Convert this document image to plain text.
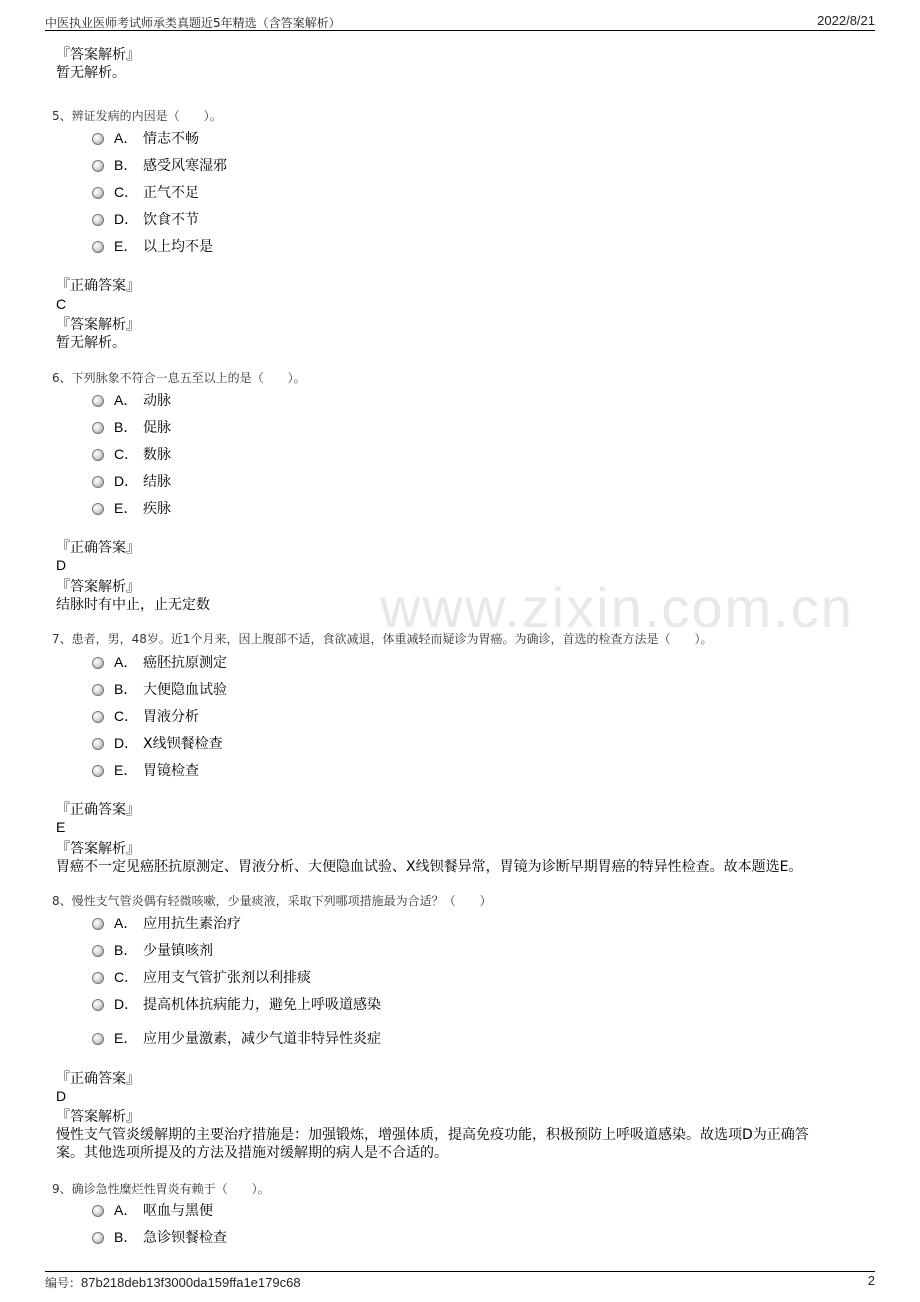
中医执业医师考试师承类真题近5年精选（含答案解析）	2022/8/21
www.zixin.com.cn
『答案解析』
暂无解析。
5、辨证发病的内因是（　　）。
A． 情志不畅
B． 感受风寒湿邪
C． 正气不足
D． 饮食不节
E． 以上均不是
『正确答案』
C
『答案解析』
暂无解析。
6、下列脉象不符合一息五至以上的是（　　）。
A． 动脉
B． 促脉
C． 数脉
D． 结脉
E． 疾脉
『正确答案』
D
『答案解析』
结脉时有中止，止无定数
7、患者，男，48岁。近1个月来，因上腹部不适，食欲减退，体重减轻而疑诊为胃癌。为确诊，首选的检查方法是（　　）。
A． 癌胚抗原测定
B． 大便隐血试验
C． 胃液分析
D． X线钡餐检查
E． 胃镜检查
『正确答案』
E
『答案解析』
胃癌不一定见癌胚抗原测定、胃液分析、大便隐血试验、X线钡餐异常，胃镜为诊断早期胃癌的特异性检查。故本题选E。
8、慢性支气管炎偶有轻微咳嗽，少量痰液，采取下列哪项措施最为合适？（　　）
A． 应用抗生素治疗
B． 少量镇咳剂
C． 应用支气管扩张剂以利排痰
D． 提高机体抗病能力，避免上呼吸道感染
E． 应用少量激素，减少气道非特异性炎症
『正确答案』
D
『答案解析』
慢性支气管炎缓解期的主要治疗措施是：加强锻炼，增强体质，提高免疫功能，积极预防上呼吸道感染。故选项D为正确答
案。其他选项所提及的方法及措施对缓解期的病人是不合适的。
9、确诊急性糜烂性胃炎有赖于（　　）。
A． 呕血与黑便
B． 急诊钡餐检查
编号：87b218deb13f3000da159ffa1e179c68	2
